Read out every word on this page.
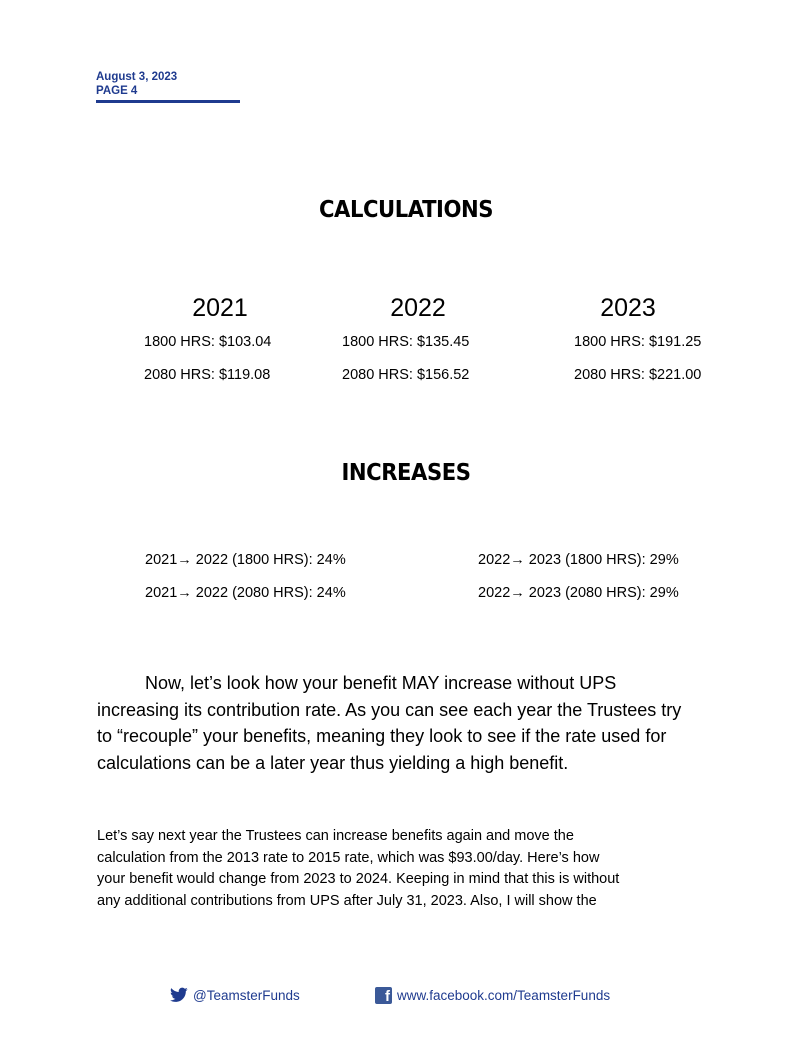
August 3, 2023
PAGE 4
CALCULATIONS
2021
1800 HRS: $103.04
2080 HRS: $119.08
2022
1800 HRS: $135.45
2080 HRS: $156.52
2023
1800 HRS: $191.25
2080 HRS: $221.00
INCREASES
2021→ 2022 (1800 HRS): 24%
2021→ 2022 (2080 HRS): 24%
2022→ 2023 (1800 HRS): 29%
2022→ 2023 (2080 HRS): 29%
Now, let’s look how your benefit MAY increase without UPS
increasing its contribution rate. As you can see each year the Trustees try
to “recouple” your benefits, meaning they look to see if the rate used for
calculations can be a later year thus yielding a high benefit.
Let’s say next year the Trustees can increase benefits again and move the
calculation from the 2013 rate to 2015 rate, which was $93.00/day. Here’s how
your benefit would change from 2023 to 2024. Keeping in mind that this is without
any additional contributions from UPS after July 31, 2023. Also, I will show the
@TeamsterFunds	f www.facebook.com/TeamsterFunds
